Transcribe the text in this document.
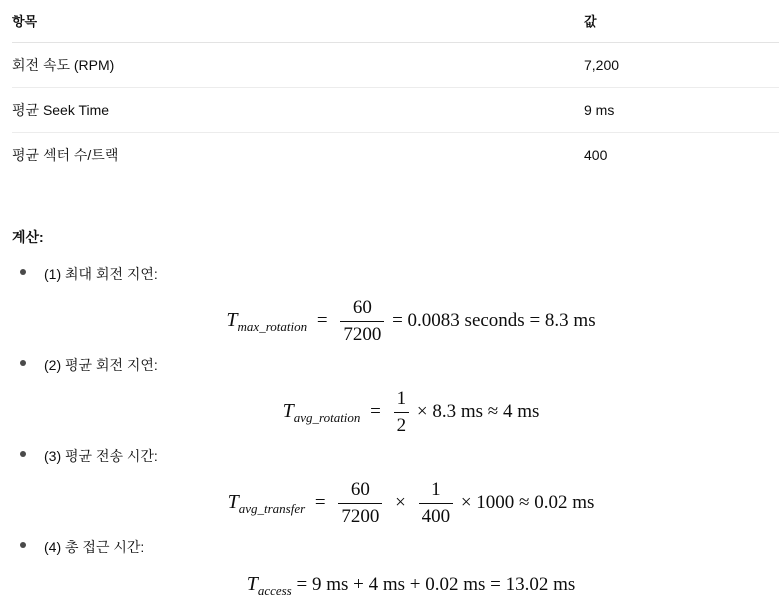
항목	값
회전 속도 (RPM)	7,200
평균 Seek Time	9 ms
평균 섹터 수/트랙	400
계산:
(1) 최대 회전 지연:
$T_{max\_rotation} = \frac{60}{7200} = 0.0083$ seconds = 8.3 ms
(2) 평균 회전 지연:
$T_{avg\_rotation} = \frac{1}{2} \times 8.3$ ms ≈ 4 ms
(3) 평균 전송 시간:
$T_{avg\_transfer} = \frac{60}{7200} \times \frac{1}{400} \times 1000 \approx 0.02$ ms
(4) 총 접근 시간:
$T_{access} = 9$ ms + 4 ms + 0.02 ms = 13.02 ms
